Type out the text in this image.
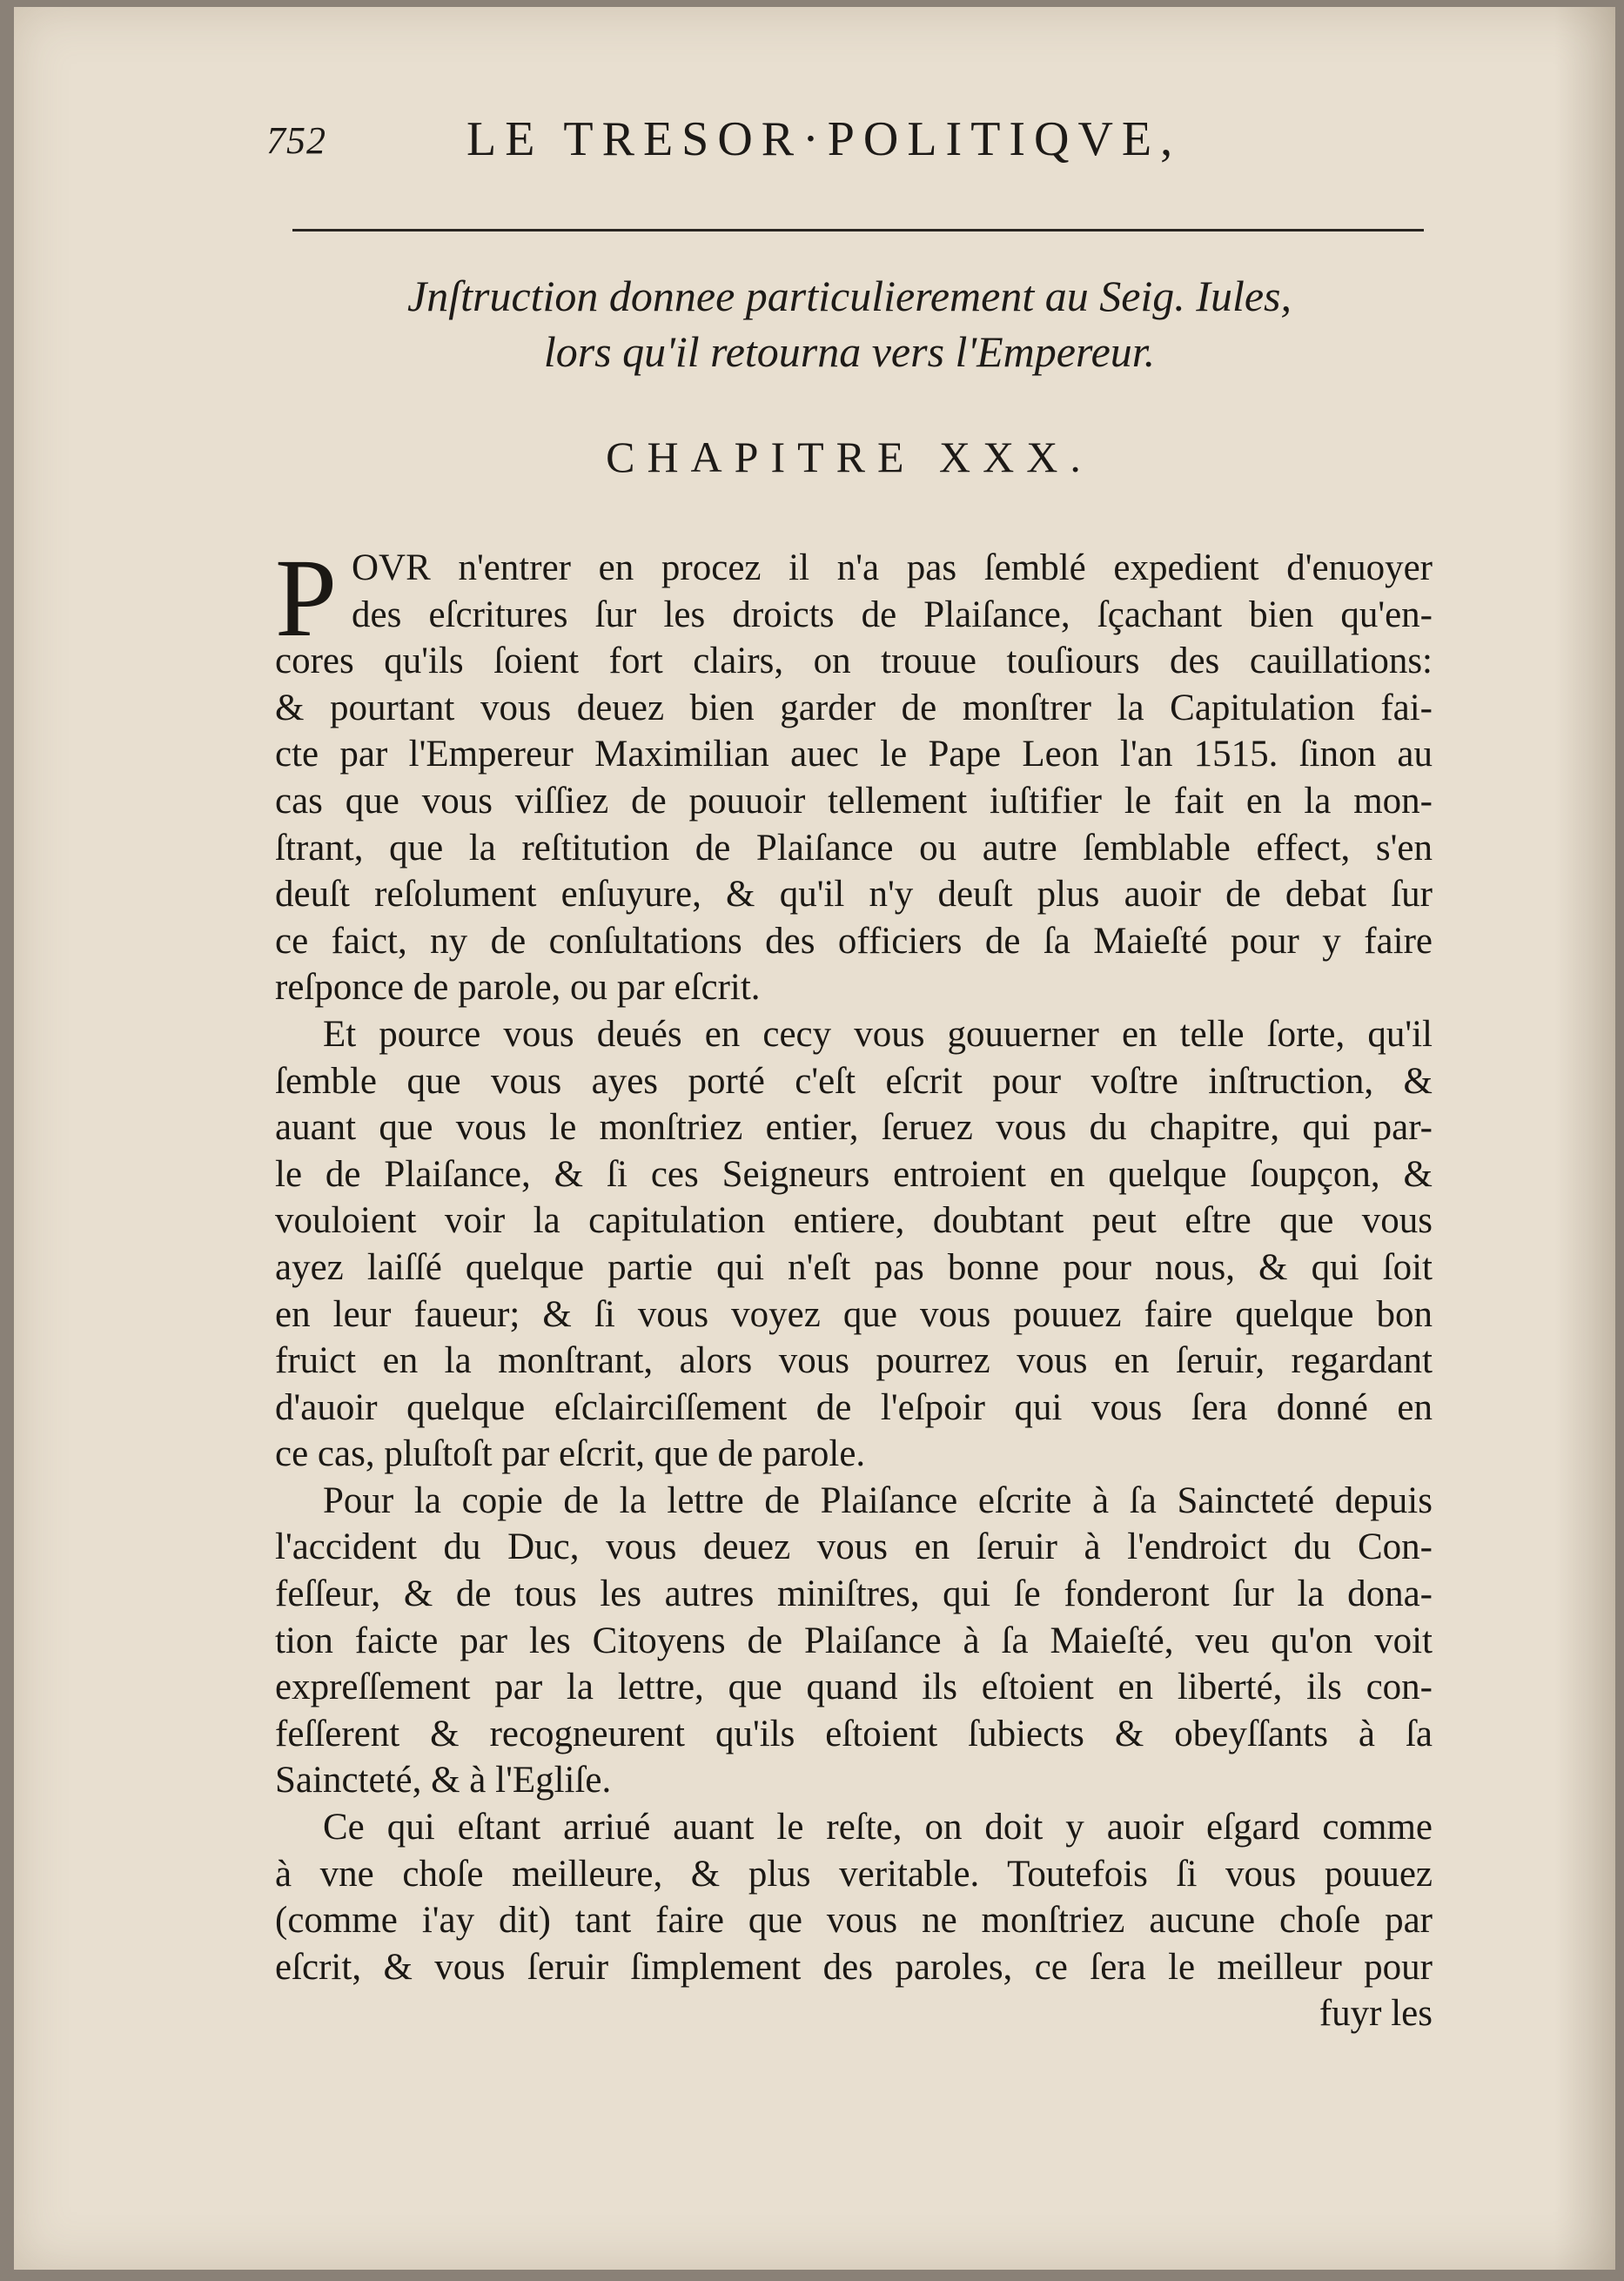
752	LE TRESOR·POLITIQVE,
Jnſtruction donnee particulierement au Seig. Iules,
lors qu'il retourna vers l'Empereur.
CHAPITRE XXX.
P OVR n'entrer en procez il n'a pas ſemblé expedient d'enuoyer
des eſcritures ſur les droicts de Plaiſance, ſçachant bien qu'en-
cores qu'ils ſoient fort clairs, on trouue touſiours des cauillations:
& pourtant vous deuez bien garder de monſtrer la Capitulation fai-
cte par l'Empereur Maximilian auec le Pape Leon l'an 1515. ſinon au
cas que vous viſſiez de pouuoir tellement iuſtifier le fait en la mon-
ſtrant, que la reſtitution de Plaiſance ou autre ſemblable effect, s'en
deuſt reſolument enſuyure, & qu'il n'y deuſt plus auoir de debat ſur
ce faict, ny de conſultations des officiers de ſa Maieſté pour y faire
reſponce de parole, ou par eſcrit.
Et pource vous deués en cecy vous gouuerner en telle ſorte, qu'il
ſemble que vous ayes porté c'eſt eſcrit pour voſtre inſtruction, &
auant que vous le monſtriez entier, ſeruez vous du chapitre, qui par-
le de Plaiſance, & ſi ces Seigneurs entroient en quelque ſoupçon, &
vouloient voir la capitulation entiere, doubtant peut eſtre que vous
ayez laiſſé quelque partie qui n'eſt pas bonne pour nous, & qui ſoit
en leur faueur; & ſi vous voyez que vous pouuez faire quelque bon
fruict en la monſtrant, alors vous pourrez vous en ſeruir, regardant
d'auoir quelque eſclairciſſement de l'eſpoir qui vous ſera donné en
ce cas, pluſtoſt par eſcrit, que de parole.
Pour la copie de la lettre de Plaiſance eſcrite à ſa Sainctеté depuis
l'accident du Duc, vous deuez vous en ſeruir à l'endroict du Con-
feſſeur, & de tous les autres miniſtres, qui ſe fonderont ſur la dona-
tion faicte par les Citoyens de Plaiſance à ſa Maieſté, veu qu'on voit
expreſſement par la lettre, que quand ils eſtoient en liberté, ils con-
feſſerent & recogneurent qu'ils eſtoient ſubiects & obeyſſants à ſa
Sainctеté, & à l'Egliſe.
Ce qui eſtant arriué auant le reſte, on doit y auoir eſgard comme
à vne choſe meilleure, & plus veritable. Toutefois ſi vous pouuez
(comme i'ay dit) tant faire que vous ne monſtriez aucune choſe par
eſcrit, & vous ſeruir ſimplement des paroles, ce ſera le meilleur pour
fuyr les
